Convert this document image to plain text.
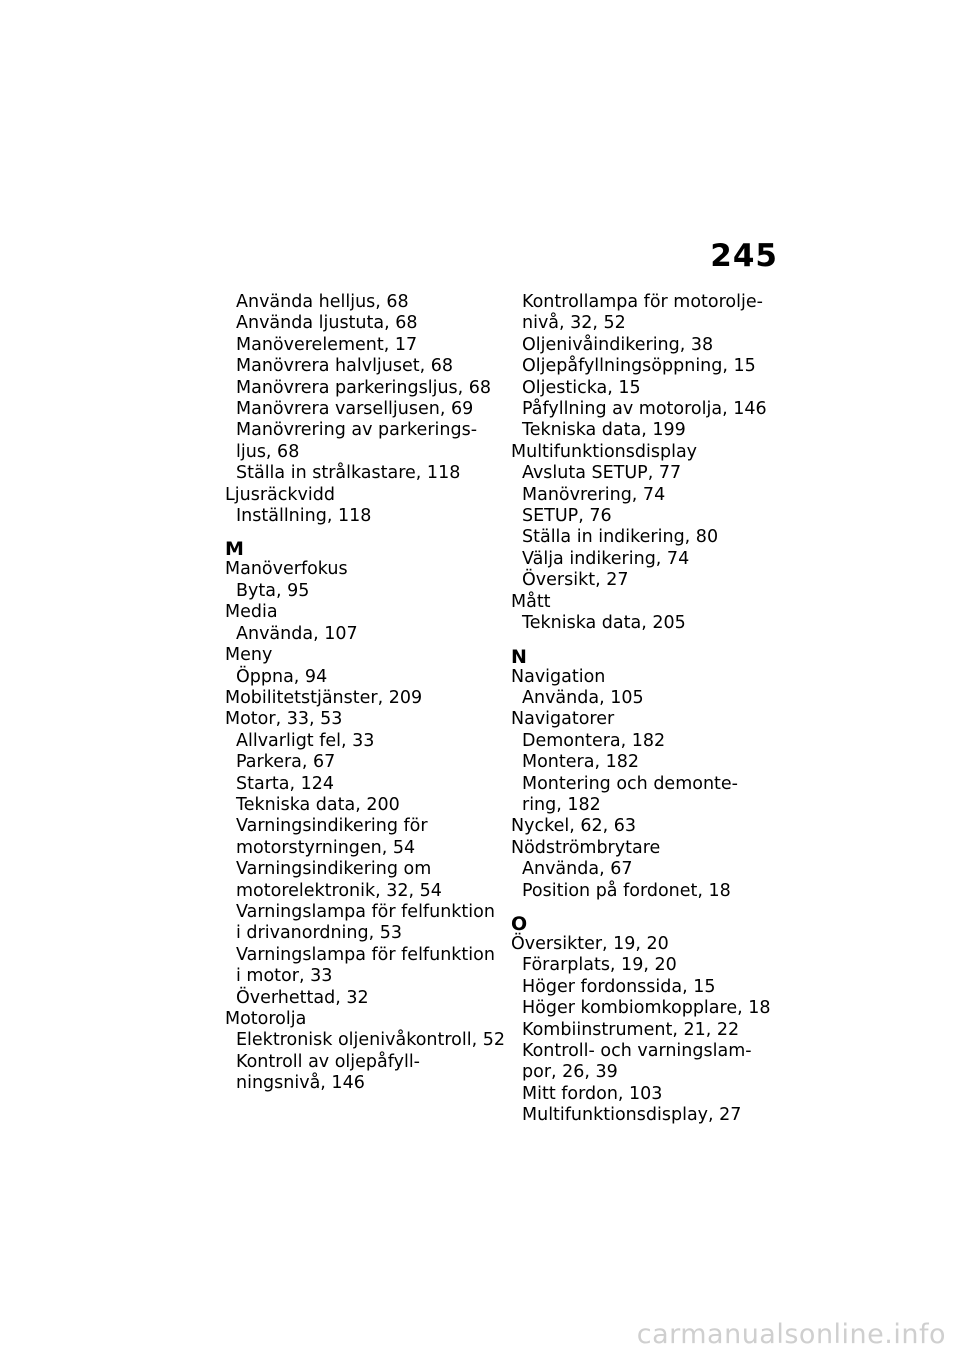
245
Använda helljus, 68
Använda ljustuta, 68
Manöverelement, 17
Manövrera halvljuset, 68
Manövrera parkeringsljus, 68
Manövrera varselljusen, 69
Manövrering av parkerings-
ljus, 68
Ställa in strålkastare, 118
Ljusräckvidd
Inställning, 118
M
Manöverfokus
Byta, 95
Media
Använda, 107
Meny
Öppna, 94
Mobilitetstjänster, 209
Motor, 33, 53
Allvarligt fel, 33
Parkera, 67
Starta, 124
Tekniska data, 200
Varningsindikering för
motorstyrningen, 54
Varningsindikering om
motorelektronik, 32, 54
Varningslampa för felfunktion
i drivanordning, 53
Varningslampa för felfunktion
i motor, 33
Överhettad, 32
Motorolja
Elektronisk oljenivåkontroll, 52
Kontroll av oljepåfyll-
ningsnivå, 146
Kontrollampa för motorolje-
nivå, 32, 52
Oljenivåindikering, 38
Oljepåfyllningsöppning, 15
Oljesticka, 15
Påfyllning av motorolja, 146
Tekniska data, 199
Multifunktionsdisplay
Avsluta SETUP, 77
Manövrering, 74
SETUP, 76
Ställa in indikering, 80
Välja indikering, 74
Översikt, 27
Mått
Tekniska data, 205
N
Navigation
Använda, 105
Navigatorer
Demontera, 182
Montera, 182
Montering och demonte-
ring, 182
Nyckel, 62, 63
Nödströmbrytare
Använda, 67
Position på fordonet, 18
O
Översikter, 19, 20
Förarplats, 19, 20
Höger fordonssida, 15
Höger kombiomkopplare, 18
Kombiinstrument, 21, 22
Kontroll- och varningslam-
por, 26, 39
Mitt fordon, 103
Multifunktionsdisplay, 27
carmanualsonline.info
